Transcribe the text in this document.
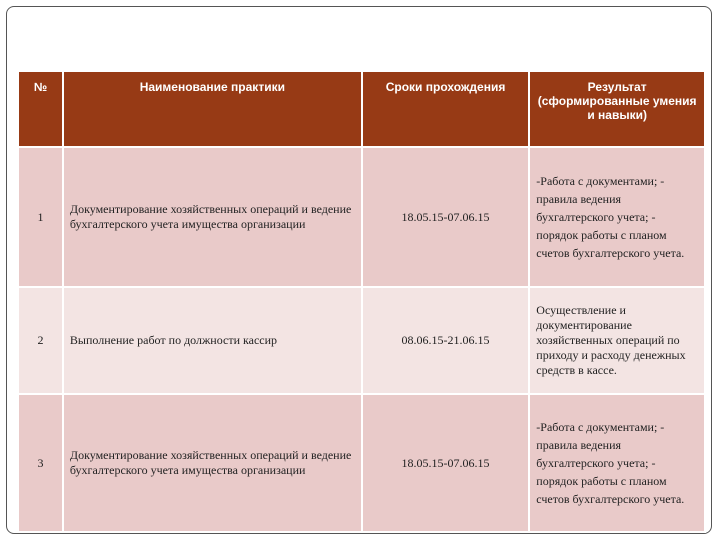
№	Наименование практики	Сроки прохождения	Результат (сформированные умения и навыки)
1	Документирование хозяйственных операций и ведение бухгалтерского учета имущества организации	18.05.15-07.06.15	-Работа с документами; - правила ведения бухгалтерского учета; - порядок работы с планом счетов бухгалтерского учета.
2	Выполнение работ по должности кассир	08.06.15-21.06.15	Осуществление и документирование хозяйственных операций по приходу и расходу денежных средств в кассе.
3	Документирование хозяйственных операций и ведение бухгалтерского учета имущества организации	18.05.15-07.06.15	-Работа с документами; - правила ведения бухгалтерского учета; - порядок работы с планом счетов бухгалтерского учета.
